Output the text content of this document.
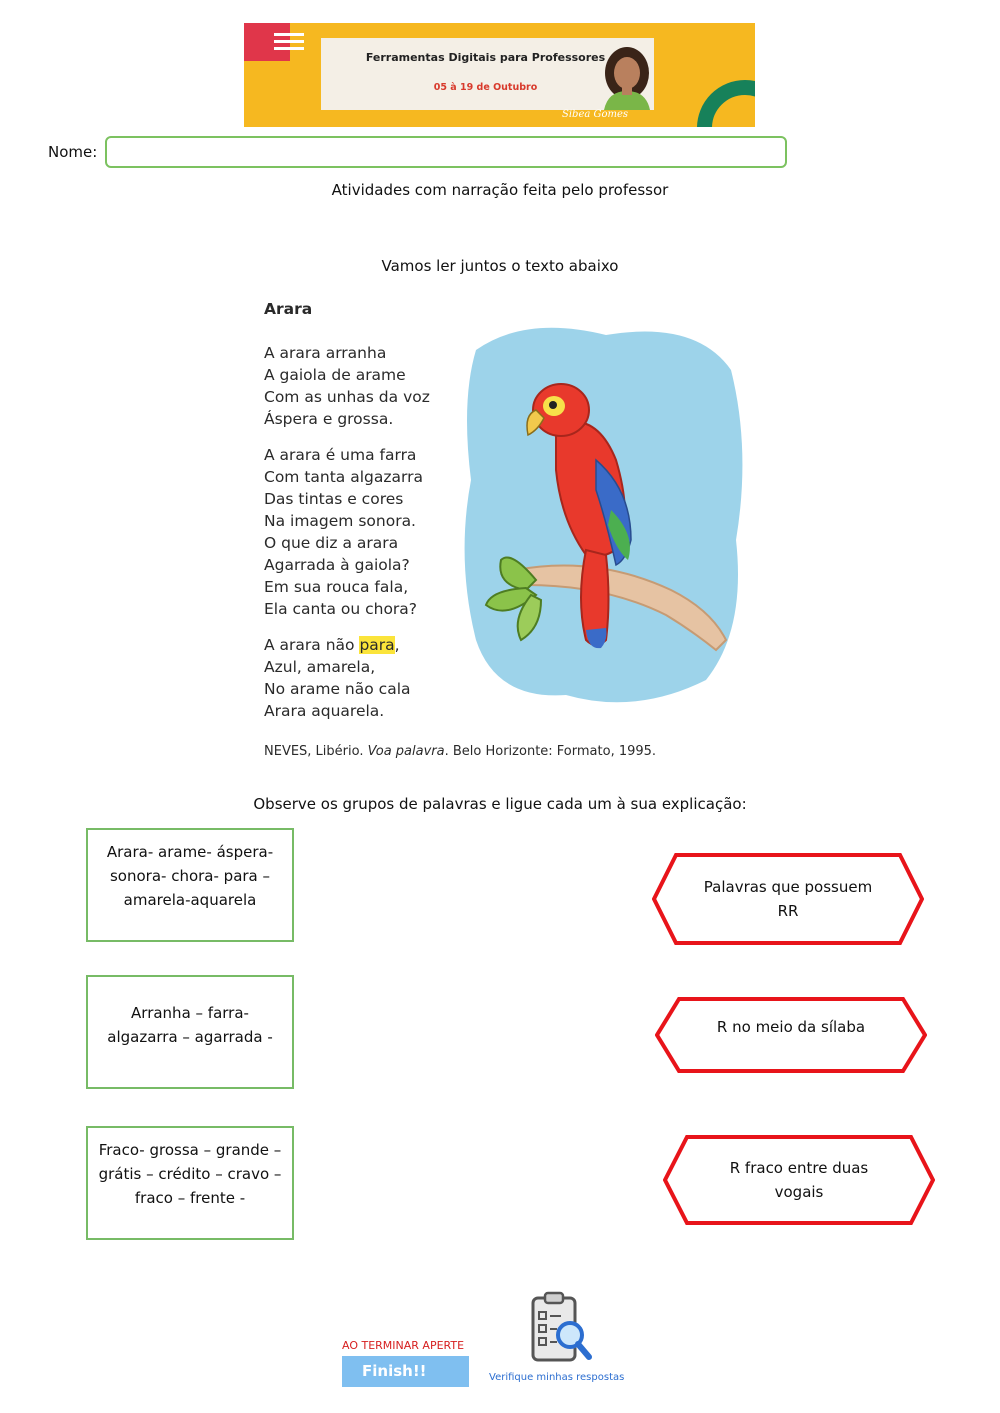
Ferramentas Digitais para Professores
05 à 19 de Outubro
Sibea Gomes
Nome:
Atividades com narração feita pelo professor
Vamos ler juntos o texto abaixo
Arara
A arara arranha
A gaiola de arame
Com as unhas da voz
Áspera e grossa.
A arara é uma farra
Com tanta algazarra
Das tintas e cores
Na imagem sonora.
O que diz a arara
Agarrada à gaiola?
Em sua rouca fala,
Ela canta ou chora?
A arara não para,
Azul, amarela,
No arame não cala
Arara aquarela.
NEVES, Libério. Voa palavra. Belo Horizonte: Formato, 1995.
Observe os grupos de palavras e ligue cada um à sua explicação:
Arara- arame- áspera- sonora- chora- para – amarela-aquarela
Arranha – farra- algazarra – agarrada -
Fraco- grossa – grande – grátis – crédito – cravo – fraco – frente -
Palavras que possuem RR
R no meio da sílaba
R fraco entre duas vogais
AO TERMINAR APERTE
Finish!!	Verifique minhas respostas
